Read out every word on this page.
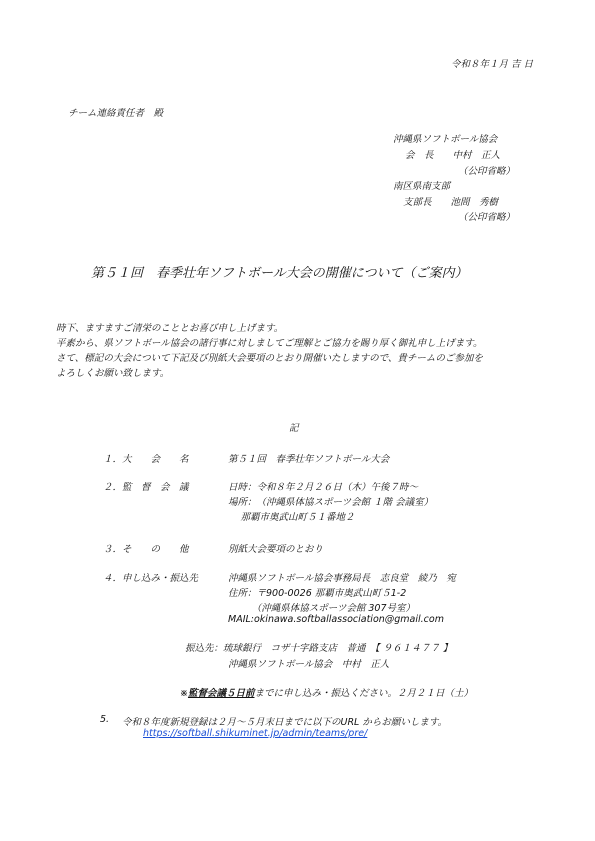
令和８年１月 吉 日
チーム連絡責任者　殿
沖縄県ソフトボール協会
会　長　　中村　正人
（公印省略）
南区県南支部
支部長　　池間　秀樹
（公印省略）
第５１回　春季壮年ソフトボール大会の開催について（ご案内）
時下、ますますご清栄のこととお喜び申し上げます。
平素から、県ソフトボール協会の諸行事に対しましてご理解とご協力を賜り厚く御礼申し上げます。
さて、標記の大会について下記及び別紙大会要項のとおり開催いたしますので、貴チームのご参加を
よろしくお願い致します。
記
１．大　　会　　名	第５１回　春季壮年ソフトボール大会
２．監　督　会　議	日時：令和８年２月２６日（木）午後７時～
場所：（沖縄県体協スポーツ会館 １階 会議室）
　 那覇市奥武山町５１番地２
３．そ　　の　　他	別紙大会要項のとおり
４．申し込み・振込先	沖縄県ソフトボール協会事務局長　志良堂　綾乃　宛
住所：〒900-0026 那覇市奥武山町５1-2
　　　（沖縄県体協スポーツ会館 307号室）
MAIL:okinawa.softballassociation@gmail.com
振込先：琉球銀行　コザ十字路支店　普通　【 ９６１４７７ 】
沖縄県ソフトボール協会　中村　正人
※監督会議５日前までに申し込み・振込ください。２月２１日（土）
5. 令和８年度新規登録は２月～５月末日までに以下のURL からお願いします。
https://softball.shikuminet.jp/admin/teams/pre/
